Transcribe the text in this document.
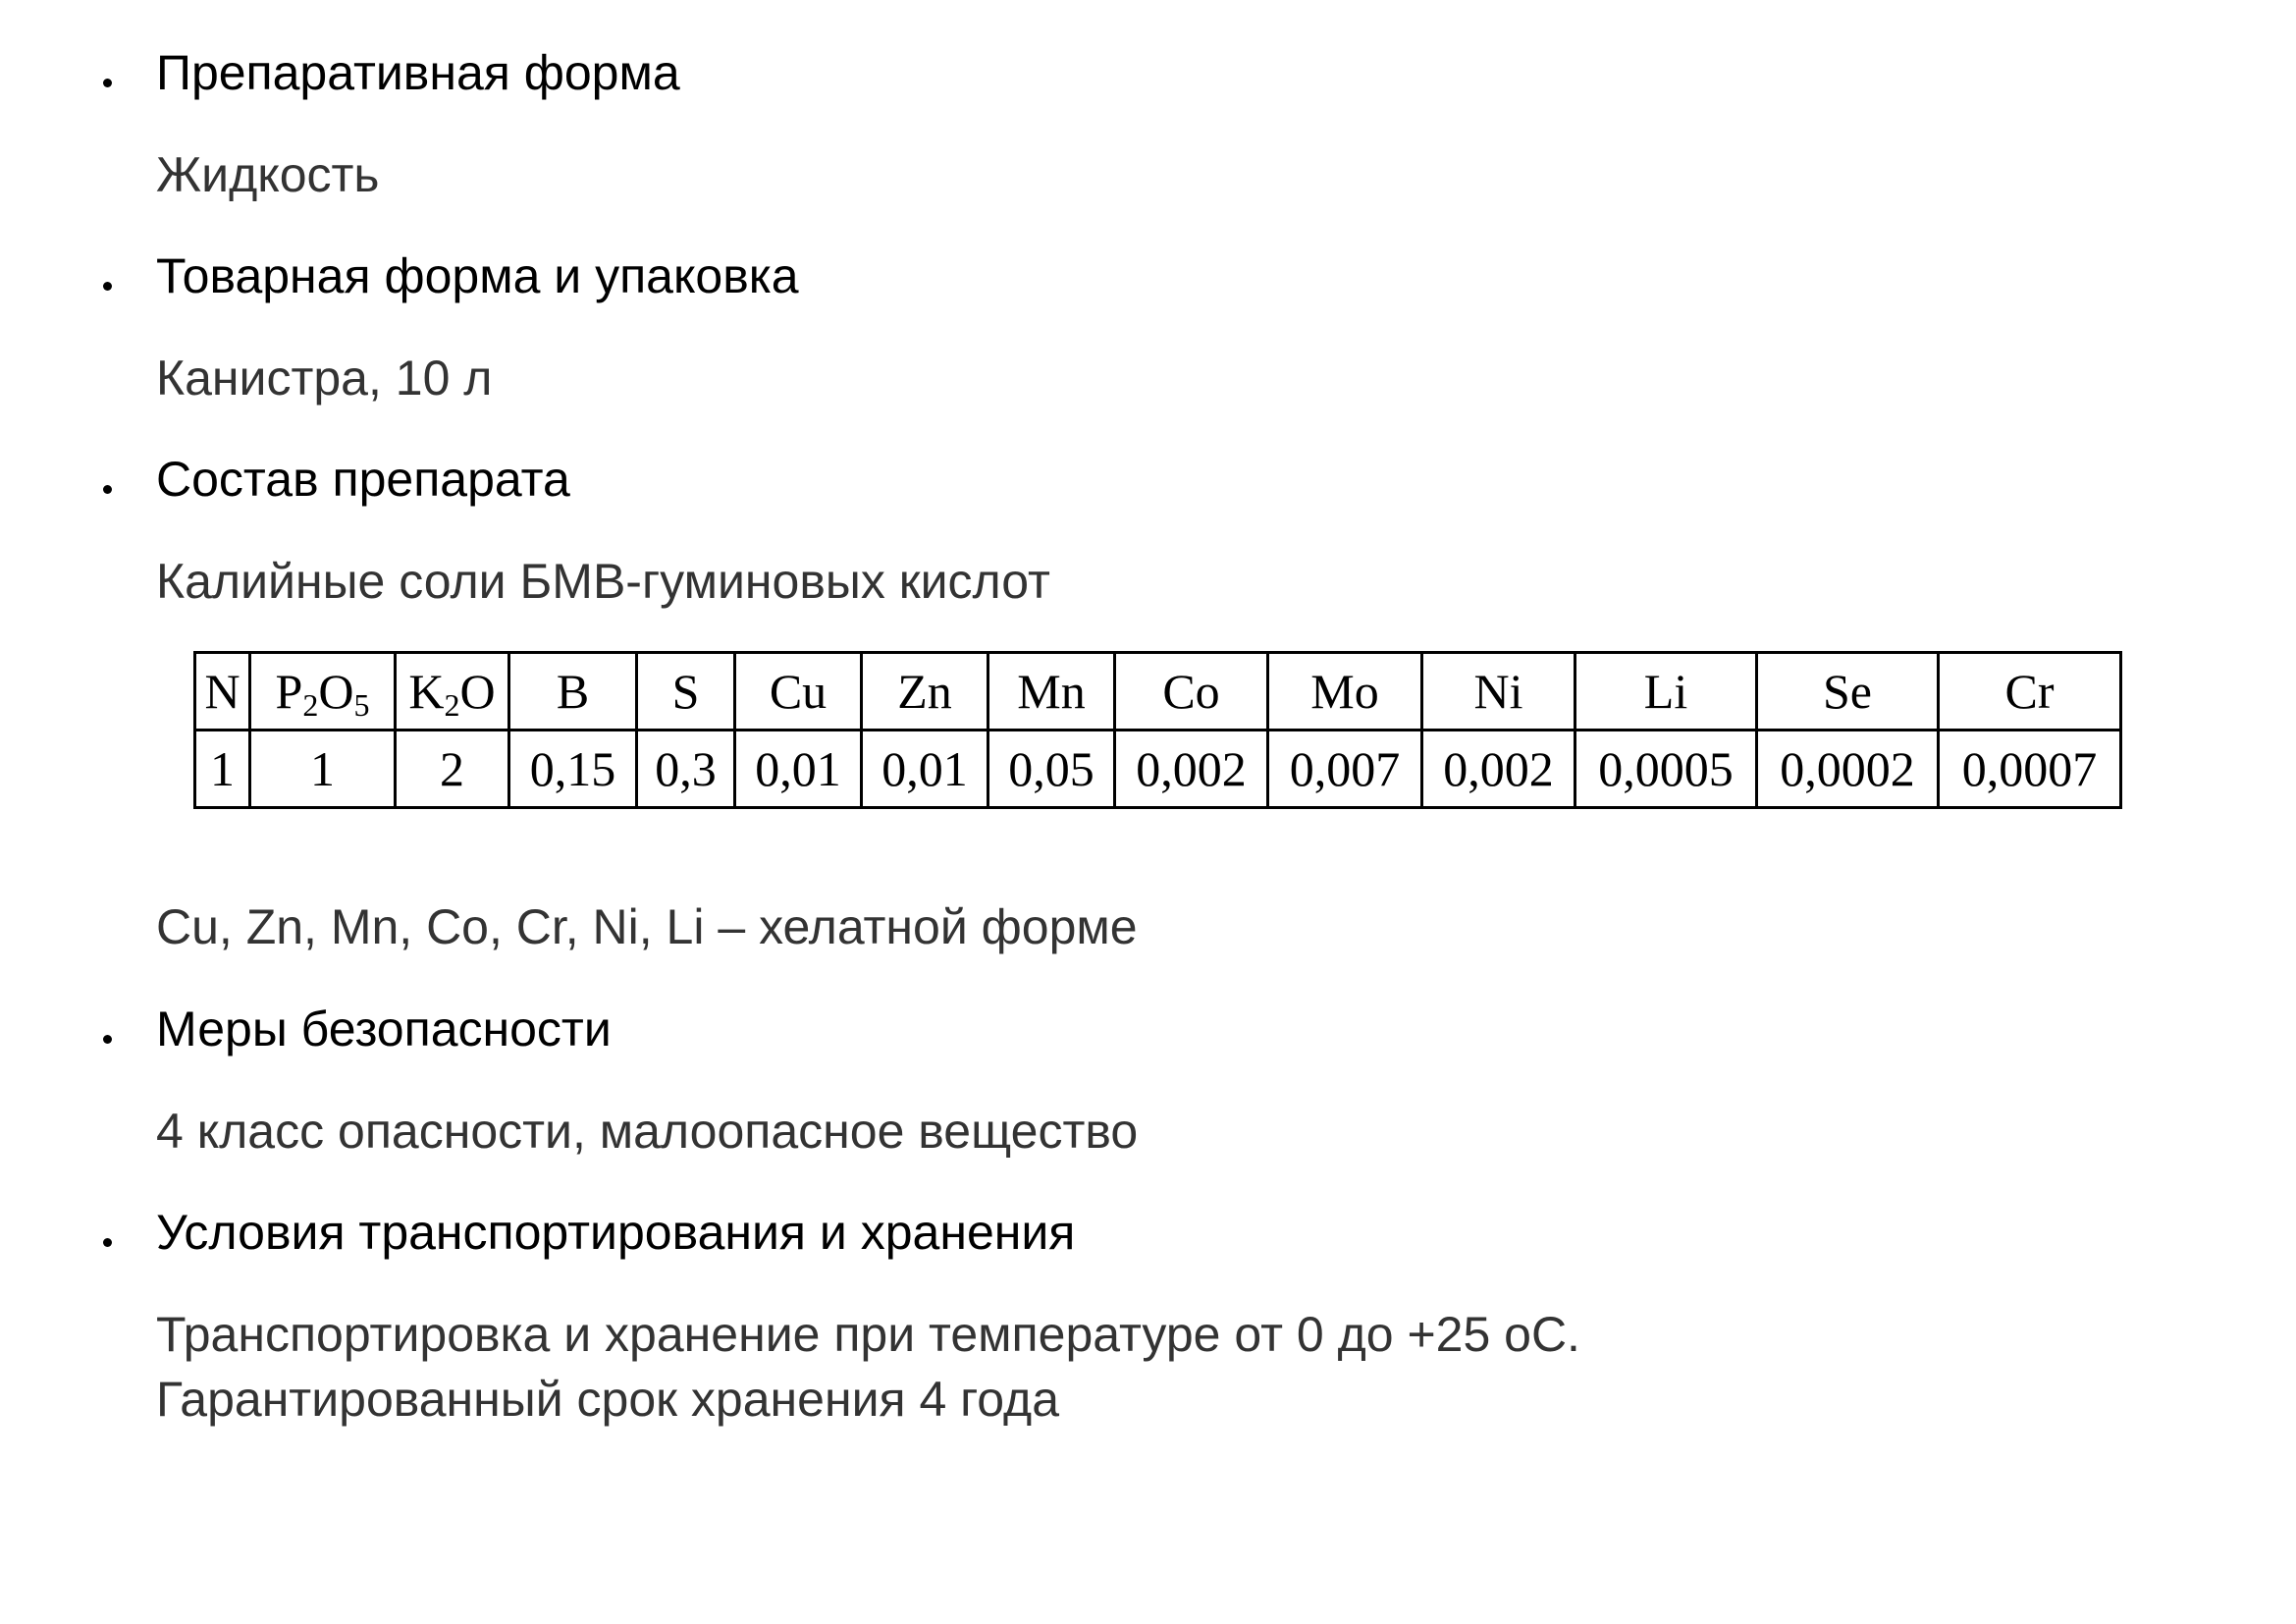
Препаративная форма
Жидкость
Товарная форма и упаковка
Канистра, 10 л
Состав препарата
Калийные соли БМВ-гуминовых кислот
N	$P_2O_5$	$K_2O$	B	S	Cu	Zn	Mn	Co	Mo	Ni	Li	Se	Cr
1	1	2	0,15	0,3	0,01	0,01	0,05	0,002	0,007	0,002	0,0005	0,0002	0,0007
Cu, Zn, Mn, Co, Cr, Ni, Li – хелатной форме
Меры безопасности
4 класс опасности, малоопасное вещество
Условия транспортирования и хранения
Транспортировка и хранение при температуре от 0 до +25 оС.
Гарантированный срок хранения 4 года
